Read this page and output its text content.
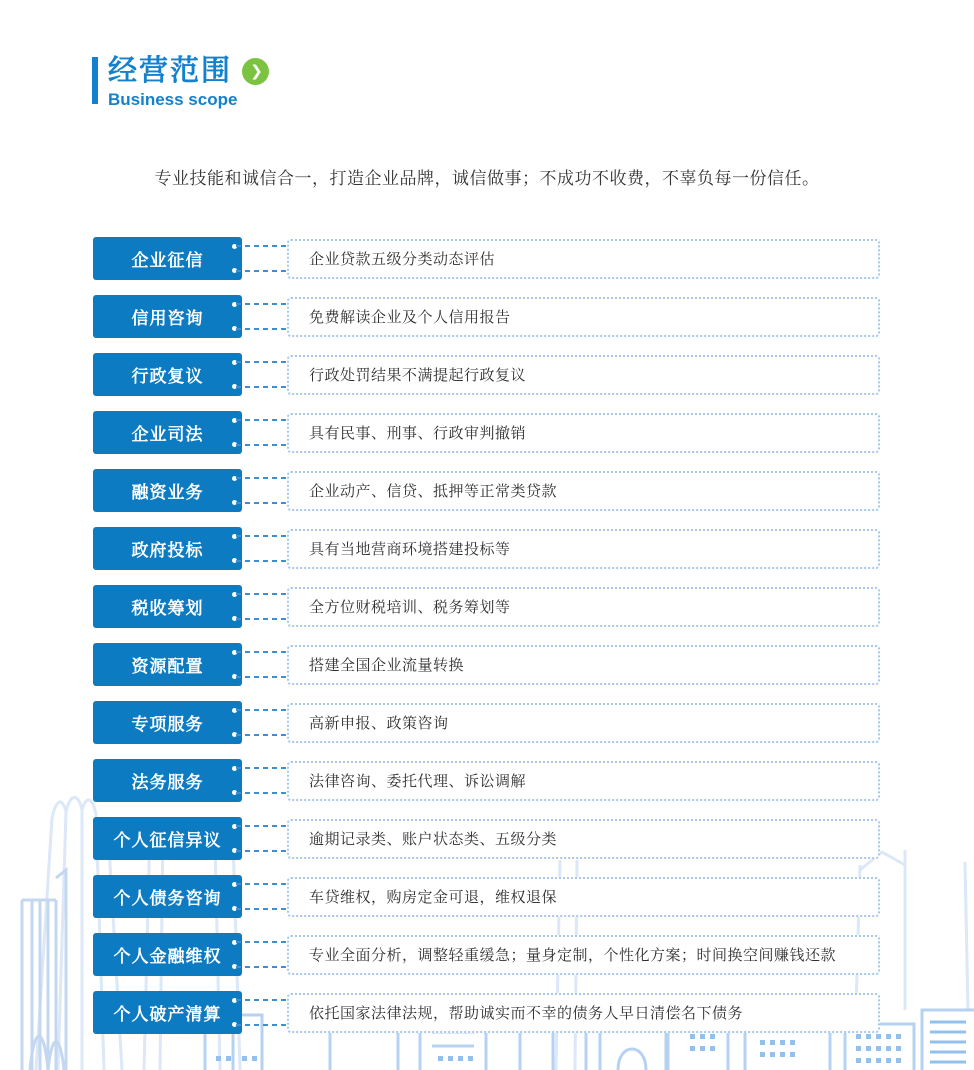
经营范围	❯
Business scope
专业技能和诚信合一，打造企业品牌，诚信做事；不成功不收费，不辜负每一份信任。
企业征信	企业贷款五级分类动态评估
信用咨询	免费解读企业及个人信用报告
行政复议	行政处罚结果不满提起行政复议
企业司法	具有民事、刑事、行政审判撤销
融资业务	企业动产、信贷、抵押等正常类贷款
政府投标	具有当地营商环境搭建投标等
税收筹划	全方位财税培训、税务筹划等
资源配置	搭建全国企业流量转换
专项服务	高新申报、政策咨询
法务服务	法律咨询、委托代理、诉讼调解
个人征信异议	逾期记录类、账户状态类、五级分类
个人债务咨询	车贷维权，购房定金可退，维权退保
个人金融维权	专业全面分析，调整轻重缓急；量身定制，个性化方案；时间换空间赚钱还款
个人破产清算	依托国家法律法规，帮助诚实而不幸的债务人早日清偿名下债务
